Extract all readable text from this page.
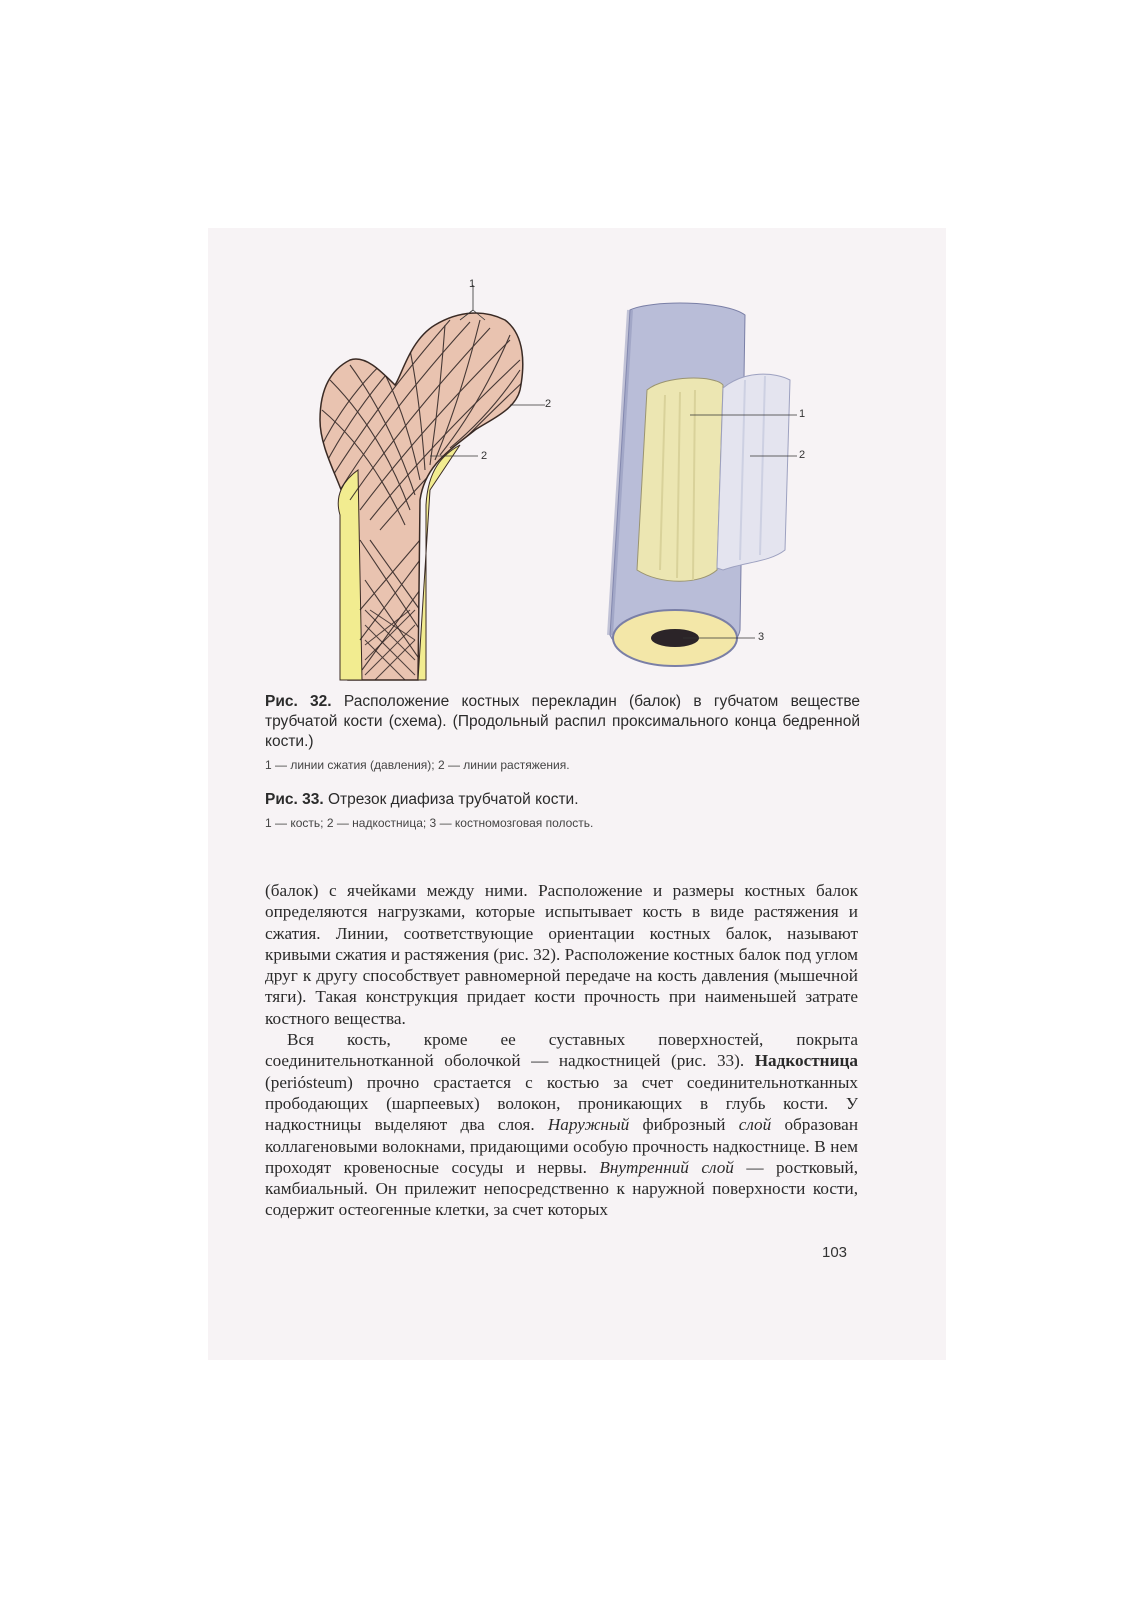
1
2
2
1
2
3
Рис. 32. Расположение костных перекладин (балок) в губчатом веществе трубчатой кости (схема). (Продольный распил проксимального конца бедренной кости.)
1 — линии сжатия (давления); 2 — линии растяжения.
Рис. 33. Отрезок диафиза трубчатой кости.
1 — кость; 2 — надкостница; 3 — костномозговая полость.

(балок) с ячейками между ними. Расположение и размеры костных балок определяются нагрузками, которые испытывает кость в виде растяжения и сжатия. Линии, соответствующие ориентации костных балок, называют кривыми сжатия и растяжения (рис. 32). Расположение костных балок под углом друг к другу способствует равномерной передаче на кость давления (мышечной тяги). Такая конструкция придает кости прочность при наименьшей затрате костного вещества.

Вся кость, кроме ее суставных поверхностей, покрыта соединительнотканной оболочкой — надкостницей (рис. 33). Надкостница (periósteum) прочно срастается с костью за счет соединительнотканных прободающих (шарпеевых) волокон, проникающих в глубь кости. У надкостницы выделяют два слоя. Наружный фиброзный слой образован коллагеновыми волокнами, придающими особую прочность надкостнице. В нем проходят кровеносные сосуды и нервы. Внутренний слой — ростковый, камбиальный. Он прилежит непосредственно к наружной поверхности кости, содержит остеогенные клетки, за счет которых

103
